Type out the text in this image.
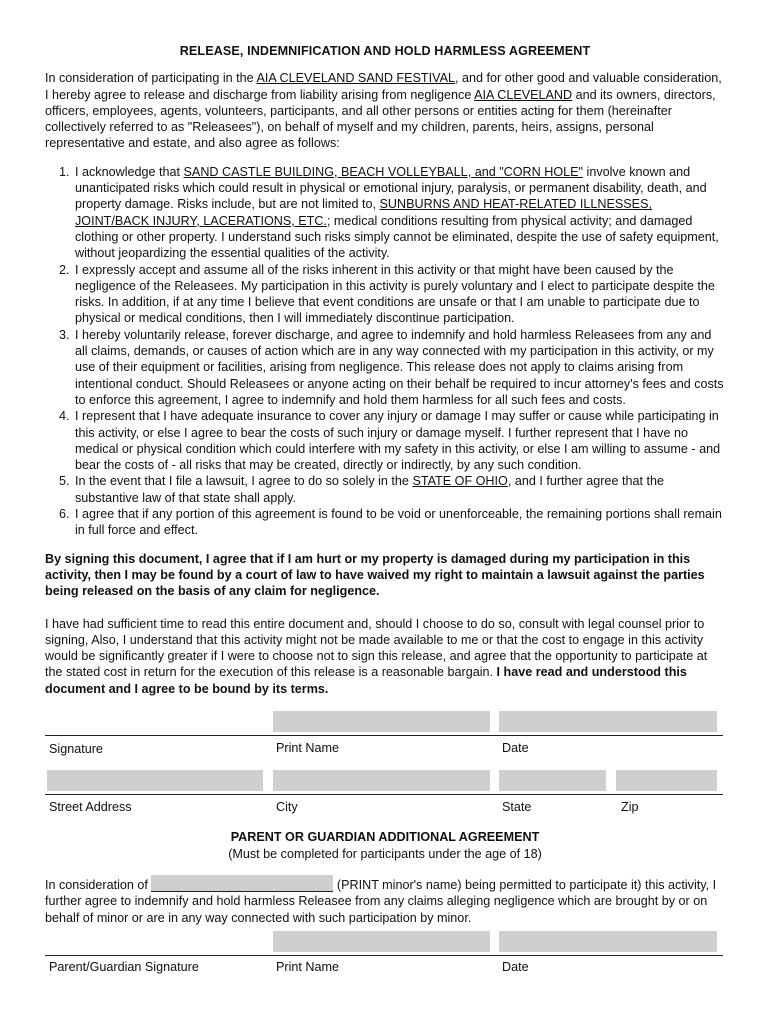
RELEASE, INDEMNIFICATION AND HOLD HARMLESS AGREEMENT

In consideration of participating in the AIA CLEVELAND SAND FESTIVAL, and for other good and valuable consideration, I hereby agree to release and discharge from liability arising from negligence AIA CLEVELAND and its owners, directors, officers, employees, agents, volunteers, participants, and all other persons or entities acting for them (hereinafter collectively referred to as "Releasees"), on behalf of myself and my children, parents, heirs, assigns, personal representative and estate, and also agree as follows:

1. I acknowledge that SAND CASTLE BUILDING, BEACH VOLLEYBALL, and "CORN HOLE" involve known and unanticipated risks which could result in physical or emotional injury, paralysis, or permanent disability, death, and property damage. Risks include, but are not limited to, SUNBURNS AND HEAT-RELATED ILLNESSES, JOINT/BACK INJURY, LACERATIONS, ETC.; medical conditions resulting from physical activity; and damaged clothing or other property. I understand such risks simply cannot be eliminated, despite the use of safety equipment, without jeopardizing the essential qualities of the activity.
2. I expressly accept and assume all of the risks inherent in this activity or that might have been caused by the negligence of the Releasees. My participation in this activity is purely voluntary and I elect to participate despite the risks. In addition, if at any time I believe that event conditions are unsafe or that I am unable to participate due to physical or medical conditions, then I will immediately discontinue participation.
3. I hereby voluntarily release, forever discharge, and agree to indemnify and hold harmless Releasees from any and all claims, demands, or causes of action which are in any way connected with my participation in this activity, or my use of their equipment or facilities, arising from negligence. This release does not apply to claims arising from intentional conduct. Should Releasees or anyone acting on their behalf be required to incur attorney's fees and costs to enforce this agreement, I agree to indemnify and hold them harmless for all such fees and costs.
4. I represent that I have adequate insurance to cover any injury or damage I may suffer or cause while participating in this activity, or else I agree to bear the costs of such injury or damage myself. I further represent that I have no medical or physical condition which could interfere with my safety in this activity, or else I am willing to assume - and bear the costs of - all risks that may be created, directly or indirectly, by any such condition.
5. In the event that I file a lawsuit, I agree to do so solely in the STATE OF OHIO, and I further agree that the substantive law of that state shall apply.
6. I agree that if any portion of this agreement is found to be void or unenforceable, the remaining portions shall remain in full force and effect.

By signing this document, I agree that if I am hurt or my property is damaged during my participation in this activity, then I may be found by a court of law to have waived my right to maintain a lawsuit against the parties being released on the basis of any claim for negligence.

I have had sufficient time to read this entire document and, should I choose to do so, consult with legal counsel prior to signing, Also, I understand that this activity might not be made available to me or that the cost to engage in this activity would be significantly greater if I were to choose not to sign this release, and agree that the opportunity to participate at the stated cost in return for the execution of this release is a reasonable bargain. I have read and understood this document and I agree to be bound by its terms.

Signature	Print Name	Date
Street Address	City	State	Zip
PARENT OR GUARDIAN ADDITIONAL AGREEMENT
(Must be completed for participants under the age of 18)

In consideration of	(PRINT minor's name) being permitted to participate it) this activity, I further agree to indemnify and hold harmless Releasee from any claims alleging negligence which are brought by or on behalf of minor or are in any way connected with such participation by minor.

Parent/Guardian Signature	Print Name	Date
